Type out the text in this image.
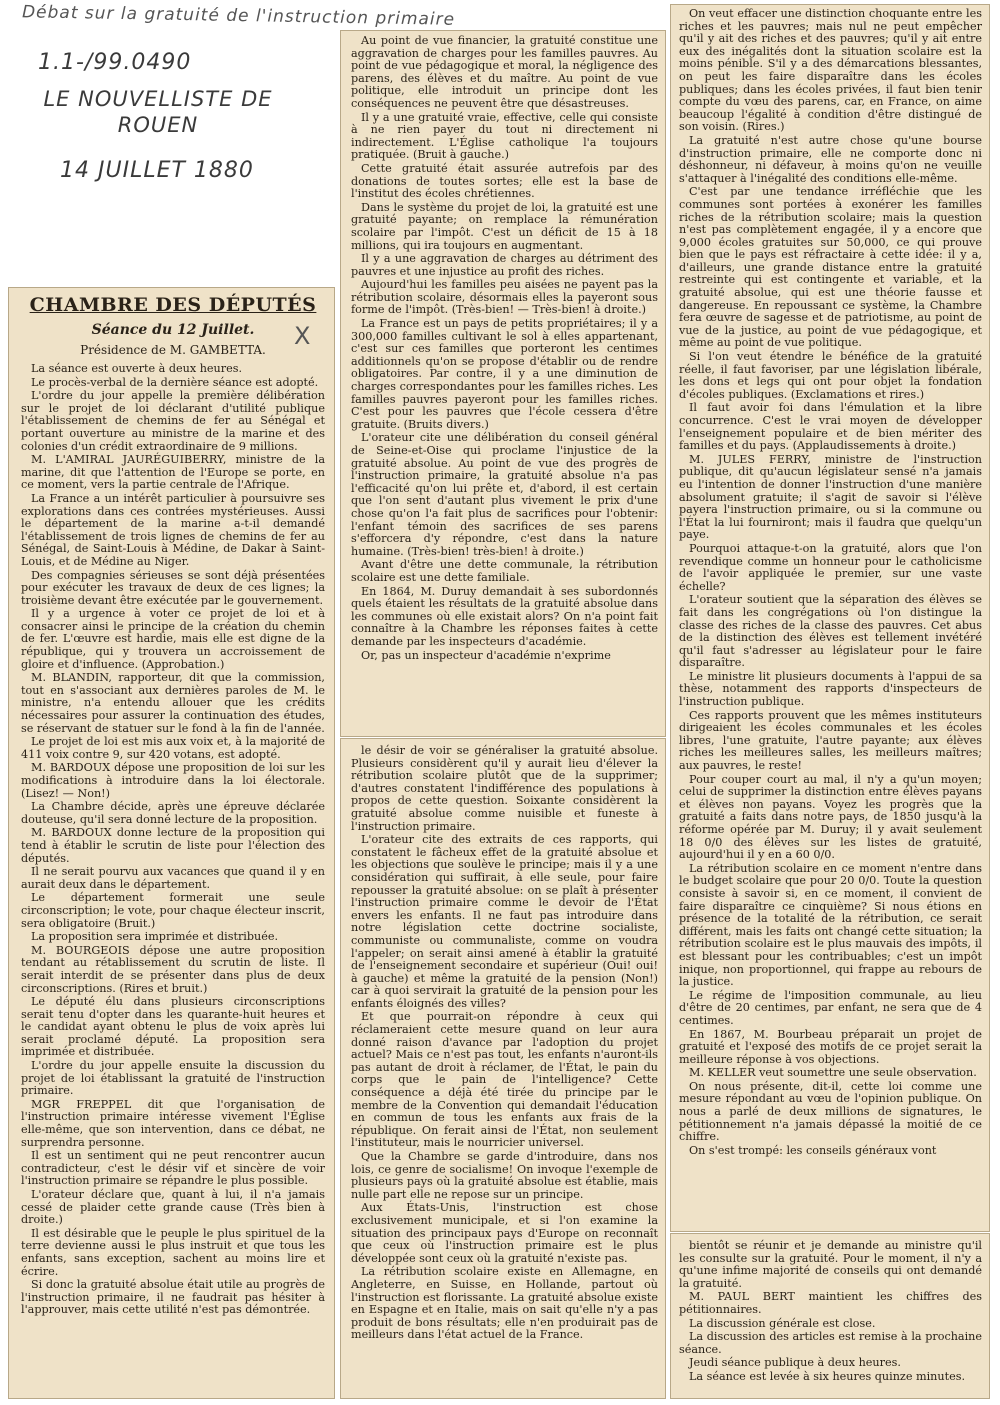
Débat sur la gratuité de l'instruction primaire
1.1-/99.0490
LE NOUVELLISTE DE ROUEN
14 JUILLET 1880
CHAMBRE DES DÉPUTÉS
Séance du 12 Juillet.
Présidence de M. GAMBETTA.

La séance est ouverte à deux heures.

Le procès-verbal de la dernière séance est adopté.

L'ordre du jour appelle la première délibération sur le projet de loi déclarant d'utilité publique l'établissement de chemins de fer au Sénégal et portant ouverture au ministre de la marine et des colonies d'un crédit extraordinaire de 9 millions.

M. L'AMIRAL JAURÉGUIBERRY, ministre de la marine, dit que l'attention de l'Europe se porte, en ce moment, vers la partie centrale de l'Afrique.

La France a un intérêt particulier à poursuivre ses explorations dans ces contrées mystérieuses. Aussi le département de la marine a-t-il demandé l'établissement de trois lignes de chemins de fer au Sénégal, de Saint-Louis à Médine, de Dakar à Saint-Louis, et de Médine au Niger.

Des compagnies sérieuses se sont déjà présentées pour exécuter les travaux de deux de ces lignes; la troisième devant être exécutée par le gouvernement.

Il y a urgence à voter ce projet de loi et à consacrer ainsi le principe de la création du chemin de fer. L'œuvre est hardie, mais elle est digne de la république, qui y trouvera un accroissement de gloire et d'influence. (Approbation.)

M. BLANDIN, rapporteur, dit que la commission, tout en s'associant aux dernières paroles de M. le ministre, n'a entendu allouer que les crédits nécessaires pour assurer la continuation des études, se réservant de statuer sur le fond à la fin de l'année.

Le projet de loi est mis aux voix et, à la majorité de 411 voix contre 9, sur 420 votans, est adopté.

M. BARDOUX dépose une proposition de loi sur les modifications à introduire dans la loi électorale. (Lisez! — Non!)

La Chambre décide, après une épreuve déclarée douteuse, qu'il sera donné lecture de la proposition.

M. BARDOUX donne lecture de la proposition qui tend à établir le scrutin de liste pour l'élection des députés.

Il ne serait pourvu aux vacances que quand il y en aurait deux dans le département.

Le département formerait une seule circonscription; le vote, pour chaque électeur inscrit, sera obligatoire (Bruit.)

La proposition sera imprimée et distribuée.

M. BOURGEOIS dépose une autre proposition tendant au rétablissement du scrutin de liste. Il serait interdit de se présenter dans plus de deux circonscriptions. (Rires et bruit.)

Le député élu dans plusieurs circonscriptions serait tenu d'opter dans les quarante-huit heures et le candidat ayant obtenu le plus de voix après lui serait proclamé député. La proposition sera imprimée et distribuée.

L'ordre du jour appelle ensuite la discussion du projet de loi établissant la gratuité de l'instruction primaire.

MGR FREPPEL dit que l'organisation de l'instruction primaire intéresse vivement l'Église elle-même, que son intervention, dans ce débat, ne surprendra personne.

Il est un sentiment qui ne peut rencontrer aucun contradicteur, c'est le désir vif et sincère de voir l'instruction primaire se répandre le plus possible.

L'orateur déclare que, quant à lui, il n'a jamais cessé de plaider cette grande cause (Très bien à droite.)

Il est désirable que le peuple le plus spirituel de la terre devienne aussi le plus instruit et que tous les enfants, sans exception, sachent au moins lire et écrire.

Si donc la gratuité absolue était utile au progrès de l'instruction primaire, il ne faudrait pas hésiter à l'approuver, mais cette utilité n'est pas démontrée.

X

Au point de vue financier, la gratuité constitue une aggravation de charges pour les familles pauvres. Au point de vue pédagogique et moral, la négligence des parens, des élèves et du maître. Au point de vue politique, elle introduit un principe dont les conséquences ne peuvent être que désastreuses.

Il y a une gratuité vraie, effective, celle qui consiste à ne rien payer du tout ni directement ni indirectement. L'Église catholique l'a toujours pratiquée. (Bruit à gauche.)

Cette gratuité était assurée autrefois par des donations de toutes sortes; elle est la base de l'institut des écoles chrétiennes.

Dans le système du projet de loi, la gratuité est une gratuité payante; on remplace la rémunération scolaire par l'impôt. C'est un déficit de 15 à 18 millions, qui ira toujours en augmentant.

Il y a une aggravation de charges au détriment des pauvres et une injustice au profit des riches.

Aujourd'hui les familles peu aisées ne payent pas la rétribution scolaire, désormais elles la payeront sous forme de l'impôt. (Très-bien! — Très-bien! à droite.)

La France est un pays de petits propriétaires; il y a 300,000 familles cultivant le sol à elles appartenant, c'est sur ces familles que porteront les centimes additionnels qu'on se propose d'établir ou de rendre obligatoires. Par contre, il y a une diminution de charges correspondantes pour les familles riches. Les familles pauvres payeront pour les familles riches. C'est pour les pauvres que l'école cessera d'être gratuite. (Bruits divers.)

L'orateur cite une délibération du conseil général de Seine-et-Oise qui proclame l'injustice de la gratuité absolue. Au point de vue des progrès de l'instruction primaire, la gratuité absolue n'a pas l'efficacité qu'on lui prête et, d'abord, il est certain que l'on sent d'autant plus vivement le prix d'une chose qu'on l'a fait plus de sacrifices pour l'obtenir: l'enfant témoin des sacrifices de ses parens s'efforcera d'y répondre, c'est dans la nature humaine. (Très-bien! très-bien! à droite.)

Avant d'être une dette communale, la rétribution scolaire est une dette familiale.

En 1864, M. Duruy demandait à ses subordonnés quels étaient les résultats de la gratuité absolue dans les communes où elle existait alors? On n'a point fait connaître à la Chambre les réponses faites à cette demande par les inspecteurs d'académie.

Or, pas un inspecteur d'académie n'exprime

le désir de voir se généraliser la gratuité absolue. Plusieurs considèrent qu'il y aurait lieu d'élever la rétribution scolaire plutôt que de la supprimer; d'autres constatent l'indifférence des populations à propos de cette question. Soixante considèrent la gratuité absolue comme nuisible et funeste à l'instruction primaire.

L'orateur cite des extraits de ces rapports, qui constatent le fâcheux effet de la gratuité absolue et les objections que soulève le principe; mais il y a une considération qui suffirait, à elle seule, pour faire repousser la gratuité absolue: on se plaît à présenter l'instruction primaire comme le devoir de l'État envers les enfants. Il ne faut pas introduire dans notre législation cette doctrine socialiste, communiste ou communaliste, comme on voudra l'appeler; on serait ainsi amené à établir la gratuité de l'enseignement secondaire et supérieur (Oui! oui! à gauche) et même la gratuité de la pension (Non!) car à quoi servirait la gratuité de la pension pour les enfants éloignés des villes?

Et que pourrait-on répondre à ceux qui réclameraient cette mesure quand on leur aura donné raison d'avance par l'adoption du projet actuel? Mais ce n'est pas tout, les enfants n'auront-ils pas autant de droit à réclamer, de l'État, le pain du corps que le pain de l'intelligence? Cette conséquence a déjà été tirée du principe par le membre de la Convention qui demandait l'éducation en commun de tous les enfants aux frais de la république. On ferait ainsi de l'État, non seulement l'instituteur, mais le nourricier universel.

Que la Chambre se garde d'introduire, dans nos lois, ce genre de socialisme! On invoque l'exemple de plusieurs pays où la gratuité absolue est établie, mais nulle part elle ne repose sur un principe.

Aux États-Unis, l'instruction est chose exclusivement municipale, et si l'on examine la situation des principaux pays d'Europe on reconnaît que ceux où l'instruction primaire est le plus développée sont ceux où la gratuité n'existe pas.

La rétribution scolaire existe en Allemagne, en Angleterre, en Suisse, en Hollande, partout où l'instruction est florissante. La gratuité absolue existe en Espagne et en Italie, mais on sait qu'elle n'y a pas produit de bons résultats; elle n'en produirait pas de meilleurs dans l'état actuel de la France.

On veut effacer une distinction choquante entre les riches et les pauvres; mais nul ne peut empêcher qu'il y ait des riches et des pauvres; qu'il y ait entre eux des inégalités dont la situation scolaire est la moins pénible. S'il y a des démarcations blessantes, on peut les faire disparaître dans les écoles publiques; dans les écoles privées, il faut bien tenir compte du vœu des parens, car, en France, on aime beaucoup l'égalité à condition d'être distingué de son voisin. (Rires.)

La gratuité n'est autre chose qu'une bourse d'instruction primaire, elle ne comporte donc ni déshonneur, ni défaveur, à moins qu'on ne veuille s'attaquer à l'inégalité des conditions elle-même.

C'est par une tendance irréfléchie que les communes sont portées à exonérer les familles riches de la rétribution scolaire; mais la question n'est pas complètement engagée, il y a encore que 9,000 écoles gratuites sur 50,000, ce qui prouve bien que le pays est réfractaire à cette idée: il y a, d'ailleurs, une grande distance entre la gratuité restreinte qui est contingente et variable, et la gratuité absolue, qui est une théorie fausse et dangereuse. En repoussant ce système, la Chambre fera œuvre de sagesse et de patriotisme, au point de vue de la justice, au point de vue pédagogique, et même au point de vue politique.

Si l'on veut étendre le bénéfice de la gratuité réelle, il faut favoriser, par une législation libérale, les dons et legs qui ont pour objet la fondation d'écoles publiques. (Exclamations et rires.)

Il faut avoir foi dans l'émulation et la libre concurrence. C'est le vrai moyen de développer l'enseignement populaire et de bien mériter des familles et du pays. (Applaudissements à droite.)

M. JULES FERRY, ministre de l'instruction publique, dit qu'aucun législateur sensé n'a jamais eu l'intention de donner l'instruction d'une manière absolument gratuite; il s'agit de savoir si l'élève payera l'instruction primaire, ou si la commune ou l'État la lui fourniront; mais il faudra que quelqu'un paye.

Pourquoi attaque-t-on la gratuité, alors que l'on revendique comme un honneur pour le catholicisme de l'avoir appliquée le premier, sur une vaste échelle?

L'orateur soutient que la séparation des élèves se fait dans les congrégations où l'on distingue la classe des riches de la classe des pauvres. Cet abus de la distinction des élèves est tellement invétéré qu'il faut s'adresser au législateur pour le faire disparaître.

Le ministre lit plusieurs documents à l'appui de sa thèse, notamment des rapports d'inspecteurs de l'instruction publique.

Ces rapports prouvent que les mêmes instituteurs dirigeaient les écoles communales et les écoles libres, l'une gratuite, l'autre payante; aux élèves riches les meilleures salles, les meilleurs maîtres; aux pauvres, le reste!

Pour couper court au mal, il n'y a qu'un moyen; celui de supprimer la distinction entre élèves payans et élèves non payans. Voyez les progrès que la gratuité a faits dans notre pays, de 1850 jusqu'à la réforme opérée par M. Duruy; il y avait seulement 18 0/0 des élèves sur les listes de gratuité, aujourd'hui il y en a 60 0/0.

La rétribution scolaire en ce moment n'entre dans le budget scolaire que pour 20 0/0. Toute la question consiste à savoir si, en ce moment, il convient de faire disparaître ce cinquième? Si nous étions en présence de la totalité de la rétribution, ce serait différent, mais les faits ont changé cette situation; la rétribution scolaire est le plus mauvais des impôts, il est blessant pour les contribuables; c'est un impôt inique, non proportionnel, qui frappe au rebours de la justice.

Le régime de l'imposition communale, au lieu d'être de 20 centimes, par enfant, ne sera que de 4 centimes.

En 1867, M. Bourbeau préparait un projet de gratuité et l'exposé des motifs de ce projet serait la meilleure réponse à vos objections.

M. KELLER veut soumettre une seule observation.

On nous présente, dit-il, cette loi comme une mesure répondant au vœu de l'opinion publique. On nous a parlé de deux millions de signatures, le pétitionnement n'a jamais dépassé la moitié de ce chiffre.

On s'est trompé: les conseils généraux vont

bientôt se réunir et je demande au ministre qu'il les consulte sur la gratuité. Pour le moment, il n'y a qu'une infime majorité de conseils qui ont demandé la gratuité.

M. PAUL BERT maintient les chiffres des pétitionnaires.

La discussion générale est close.

La discussion des articles est remise à la prochaine séance.

Jeudi séance publique à deux heures.

La séance est levée à six heures quinze minutes.
